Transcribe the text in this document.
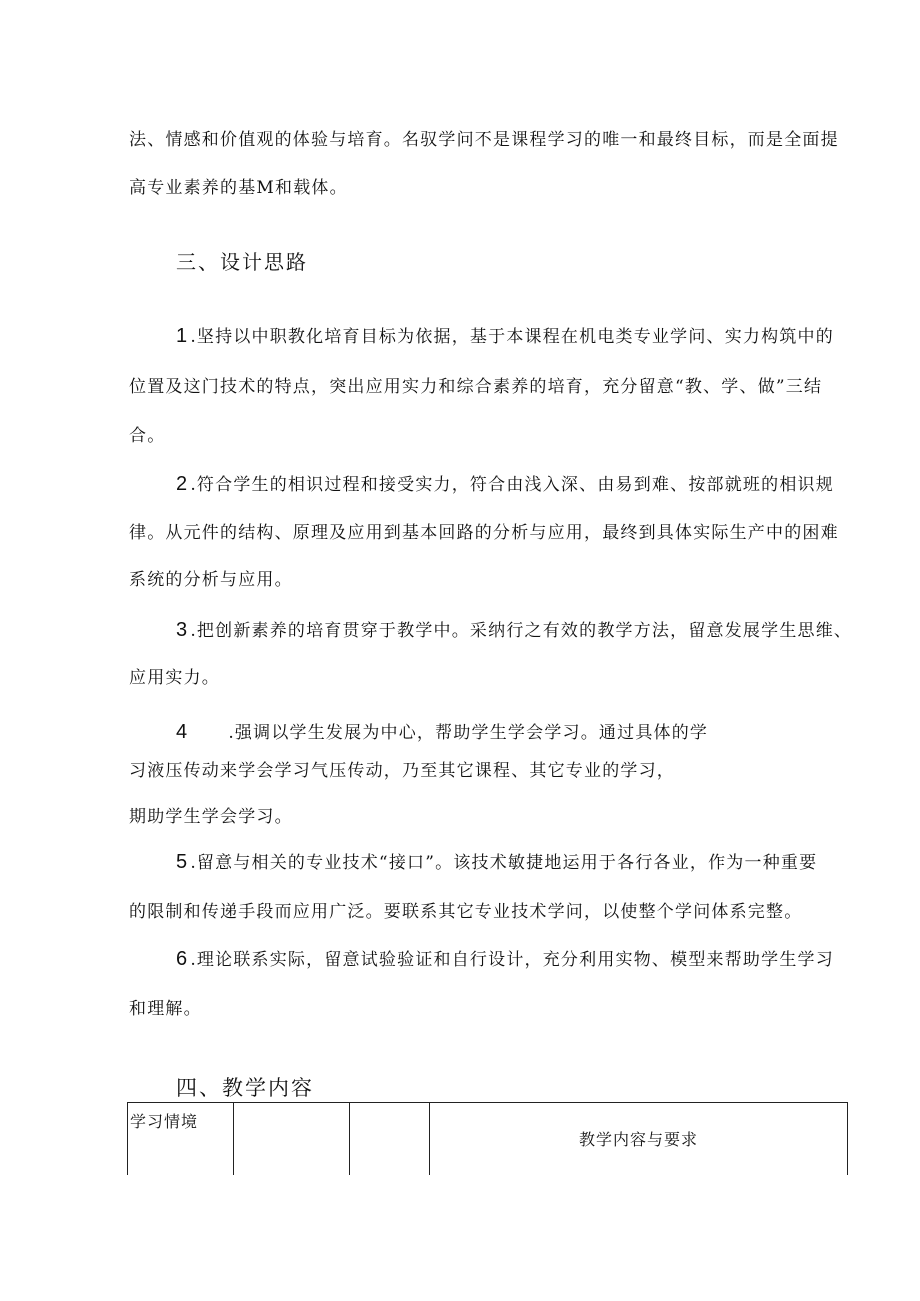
法、情感和价值观的体验与培育。名驭学问不是课程学习的唯一和最终目标，而是全面提
高专业素养的基M和载体。
三、设计思路
1 .坚持以中职教化培育目标为依据，基于本课程在机电类专业学问、实力构筑中的
位置及这门技术的特点，突出应用实力和综合素养的培育，充分留意“教、学、做”三结
合。
2 .符合学生的相识过程和接受实力，符合由浅入深、由易到难、按部就班的相识规
律。从元件的结构、原理及应用到基本回路的分析与应用，最终到具体实际生产中的困难
系统的分析与应用。
3 .把创新素养的培育贯穿于教学中。采纳行之有效的教学方法，留意发展学生思维、
应用实力。
4 .强调以学生发展为中心，帮助学生学会学习。通过具体的学
习液压传动来学会学习气压传动，乃至其它课程、其它专业的学习，
期助学生学会学习。
5 .留意与相关的专业技术“接口”。该技术敏捷地运用于各行各业，作为一种重要
的限制和传递手段而应用广泛。要联系其它专业技术学问，以使整个学问体系完整。
6 .理论联系实际，留意试验验证和自行设计，充分利用实物、模型来帮助学生学习
和理解。
四、教学内容
学习情境			教学内容与要求
